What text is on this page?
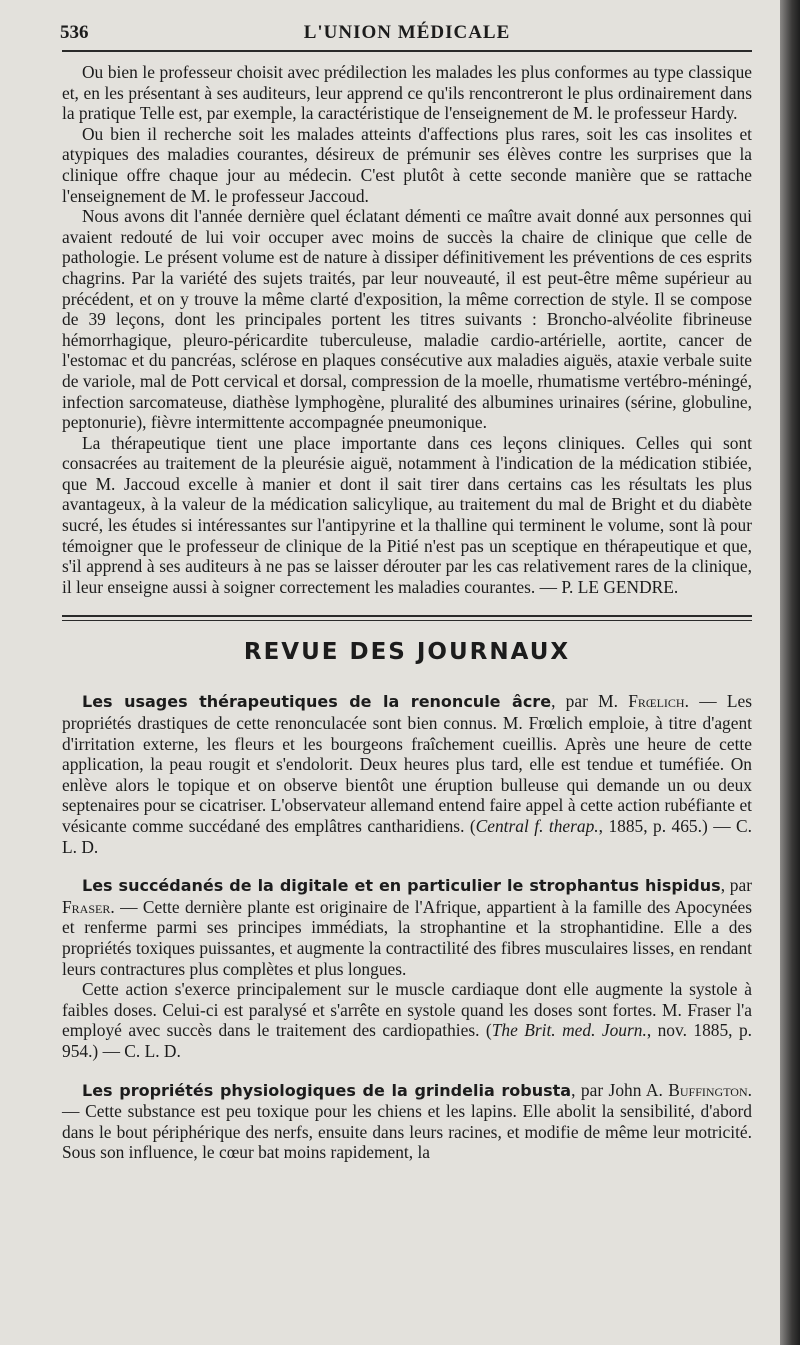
536	L'UNION MÉDICALE

Ou bien le professeur choisit avec prédilection les malades les plus conformes au type classique et, en les présentant à ses auditeurs, leur apprend ce qu'ils rencontreront le plus ordinairement dans la pratique Telle est, par exemple, la caractéristique de l'enseignement de M. le professeur Hardy.

Ou bien il recherche soit les malades atteints d'affections plus rares, soit les cas insolites et atypiques des maladies courantes, désireux de prémunir ses élèves contre les surprises que la clinique offre chaque jour au médecin. C'est plutôt à cette seconde manière que se rattache l'enseignement de M. le professeur Jaccoud.

Nous avons dit l'année dernière quel éclatant démenti ce maître avait donné aux personnes qui avaient redouté de lui voir occuper avec moins de succès la chaire de clinique que celle de pathologie. Le présent volume est de nature à dissiper définitivement les préventions de ces esprits chagrins. Par la variété des sujets traités, par leur nouveauté, il est peut-être même supérieur au précédent, et on y trouve la même clarté d'exposition, la même correction de style. Il se compose de 39 leçons, dont les principales portent les titres suivants : Broncho-alvéolite fibrineuse hémorrhagique, pleuro-péricardite tuberculeuse, maladie cardio-artérielle, aortite, cancer de l'estomac et du pancréas, sclérose en plaques consécutive aux maladies aiguës, ataxie verbale suite de variole, mal de Pott cervical et dorsal, compression de la moelle, rhumatisme vertébro-méningé, infection sarcomateuse, diathèse lymphogène, pluralité des albumines urinaires (sérine, globuline, peptonurie), fièvre intermittente accompagnée pneumonique.

La thérapeutique tient une place importante dans ces leçons cliniques. Celles qui sont consacrées au traitement de la pleurésie aiguë, notamment à l'indication de la médication stibiée, que M. Jaccoud excelle à manier et dont il sait tirer dans certains cas les résultats les plus avantageux, à la valeur de la médication salicylique, au traitement du mal de Bright et du diabète sucré, les études si intéressantes sur l'antipyrine et la thalline qui terminent le volume, sont là pour témoigner que le professeur de clinique de la Pitié n'est pas un sceptique en thérapeutique et que, s'il apprend à ses auditeurs à ne pas se laisser dérouter par les cas relativement rares de la clinique, il leur enseigne aussi à soigner correctement les maladies courantes. — P. LE GENDRE.

REVUE DES JOURNAUX

Les usages thérapeutiques de la renoncule âcre, par M. Frœlich. — Les propriétés drastiques de cette renonculacée sont bien connus. M. Frœlich emploie, à titre d'agent d'irritation externe, les fleurs et les bourgeons fraîchement cueillis. Après une heure de cette application, la peau rougit et s'endolorit. Deux heures plus tard, elle est tendue et tuméfiée. On enlève alors le topique et on observe bientôt une éruption bulleuse qui demande un ou deux septenaires pour se cicatriser. L'observateur allemand entend faire appel à cette action rubéfiante et vésicante comme succédané des emplâtres cantharidiens. (Central f. therap., 1885, p. 465.) — C. L. D.

Les succédanés de la digitale et en particulier le strophantus hispidus, par Fraser. — Cette dernière plante est originaire de l'Afrique, appartient à la famille des Apocynées et renferme parmi ses principes immédiats, la strophantine et la strophantidine. Elle a des propriétés toxiques puissantes, et augmente la contractilité des fibres musculaires lisses, en rendant leurs contractures plus complètes et plus longues.

Cette action s'exerce principalement sur le muscle cardiaque dont elle augmente la systole à faibles doses. Celui-ci est paralysé et s'arrête en systole quand les doses sont fortes. M. Fraser l'a employé avec succès dans le traitement des cardiopathies. (The Brit. med. Journ., nov. 1885, p. 954.) — C. L. D.

Les propriétés physiologiques de la grindelia robusta, par John A. Buffington. — Cette substance est peu toxique pour les chiens et les lapins. Elle abolit la sensibilité, d'abord dans le bout périphérique des nerfs, ensuite dans leurs racines, et modifie de même leur motricité. Sous son influence, le cœur bat moins rapidement, la
